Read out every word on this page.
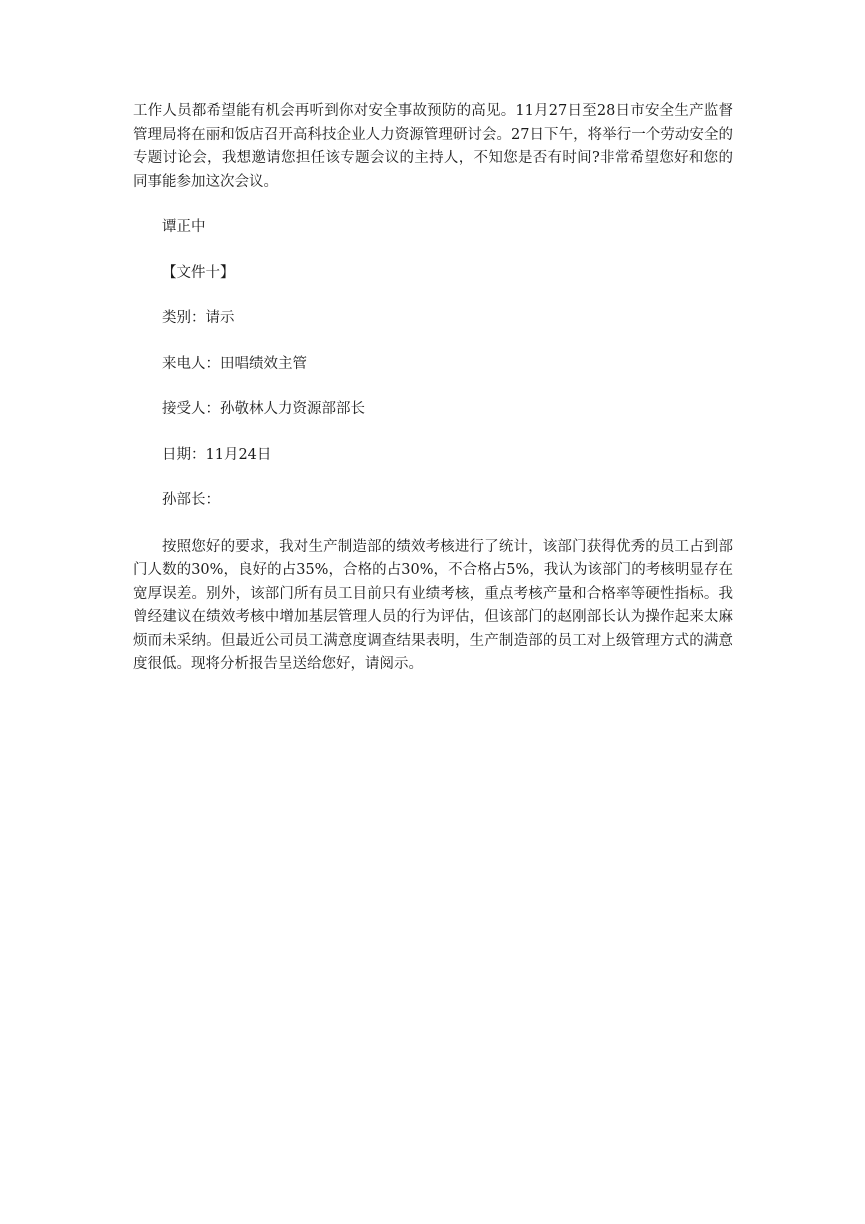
工作人员都希望能有机会再听到你对安全事故预防的高见。11月27日至28日市安全生产监督管理局将在丽和饭店召开高科技企业人力资源管理研讨会。27日下午，将举行一个劳动安全的专题讨论会，我想邀请您担任该专题会议的主持人，不知您是否有时间?非常希望您好和您的同事能参加这次会议。

谭正中

【文件十】

类别：请示

来电人：田唱绩效主管

接受人：孙敬林人力资源部部长

日期：11月24日

孙部长：

按照您好的要求，我对生产制造部的绩效考核进行了统计，该部门获得优秀的员工占到部门人数的30%，良好的占35%，合格的占30%，不合格占5%，我认为该部门的考核明显存在宽厚误差。别外，该部门所有员工目前只有业绩考核，重点考核产量和合格率等硬性指标。我曾经建议在绩效考核中增加基层管理人员的行为评估，但该部门的赵刚部长认为操作起来太麻烦而未采纳。但最近公司员工满意度调查结果表明，生产制造部的员工对上级管理方式的满意度很低。现将分析报告呈送给您好，请阅示。
